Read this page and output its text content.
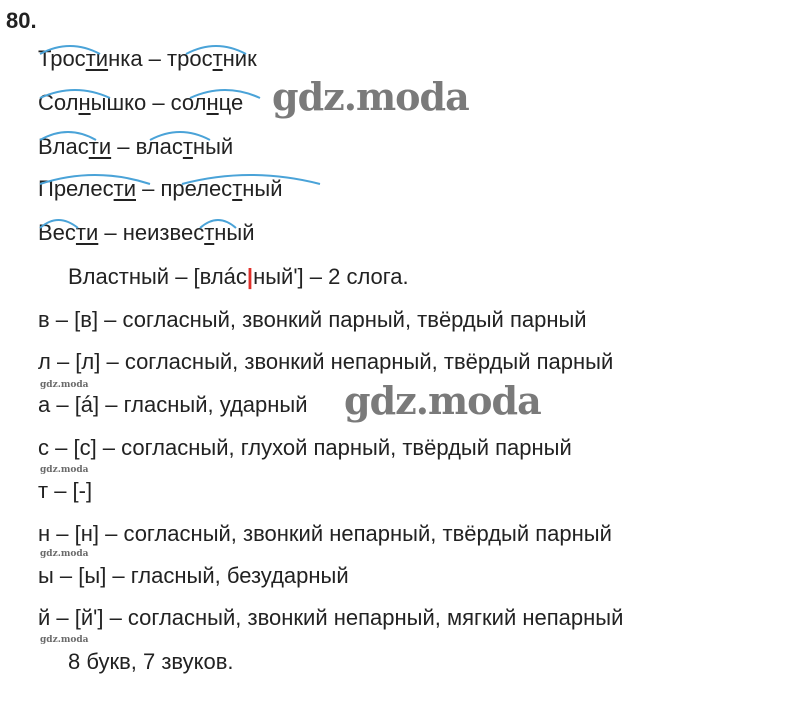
80.
Тростинка – тростник
Солнышко – солнце
Власти – властный
Прелести – прелестный
Вести – неизвестный
Властный – [влáс|ный'] – 2 слога.
в – [в] – согласный, звонкий парный, твёрдый парный
л – [л] – согласный, звонкий непарный, твёрдый парный
а – [á] – гласный, ударный
с – [с] – согласный, глухой парный, твёрдый парный
т – [-]
н – [н] – согласный, звонкий непарный, твёрдый парный
ы – [ы] – гласный, безударный
й – [й'] – согласный, звонкий непарный, мягкий непарный
8 букв, 7 звуков.
gdz.moda
gdz.moda
gdz.moda
gdz.moda
gdz.moda
gdz.moda
